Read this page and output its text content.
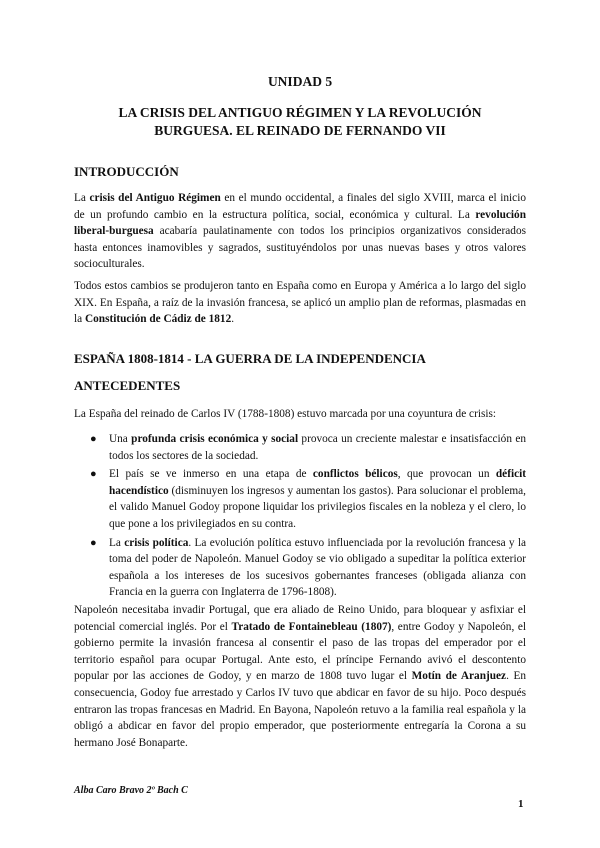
UNIDAD 5
LA CRISIS DEL ANTIGUO RÉGIMEN Y LA REVOLUCIÓN
BURGUESA. EL REINADO DE FERNANDO VII
INTRODUCCIÓN

La crisis del Antiguo Régimen en el mundo occidental, a finales del siglo XVIII, marca el inicio de un profundo cambio en la estructura política, social, económica y cultural. La revolución liberal-burguesa acabaría paulatinamente con todos los principios organizativos considerados hasta entonces inamovibles y sagrados, sustituyéndolos por unas nuevas bases y otros valores socioculturales.

Todos estos cambios se produjeron tanto en España como en Europa y América a lo largo del siglo XIX. En España, a raíz de la invasión francesa, se aplicó un amplio plan de reformas, plasmadas en la Constitución de Cádiz de 1812.

ESPAÑA 1808-1814 - LA GUERRA DE LA INDEPENDENCIA
ANTECEDENTES

La España del reinado de Carlos IV (1788-1808) estuvo marcada por una coyuntura de crisis:

● Una profunda crisis económica y social provoca un creciente malestar e insatisfacción en todos los sectores de la sociedad.
● El país se ve inmerso en una etapa de conflictos bélicos, que provocan un déficit hacendístico (disminuyen los ingresos y aumentan los gastos). Para solucionar el problema, el valido Manuel Godoy propone liquidar los privilegios fiscales en la nobleza y el clero, lo que pone a los privilegiados en su contra.
● La crisis política. La evolución política estuvo influenciada por la revolución francesa y la toma del poder de Napoleón. Manuel Godoy se vio obligado a supeditar la política exterior española a los intereses de los sucesivos gobernantes franceses (obligada alianza con Francia en la guerra con Inglaterra de 1796-1808).

Napoleón necesitaba invadir Portugal, que era aliado de Reino Unido, para bloquear y asfixiar el potencial comercial inglés. Por el Tratado de Fontainebleau (1807), entre Godoy y Napoleón, el gobierno permite la invasión francesa al consentir el paso de las tropas del emperador por el territorio español para ocupar Portugal. Ante esto, el príncipe Fernando avivó el descontento popular por las acciones de Godoy, y en marzo de 1808 tuvo lugar el Motín de Aranjuez. En consecuencia, Godoy fue arrestado y Carlos IV tuvo que abdicar en favor de su hijo. Poco después entraron las tropas francesas en Madrid. En Bayona, Napoleón retuvo a la familia real española y la obligó a abdicar en favor del propio emperador, que posteriormente entregaría la Corona a su hermano José Bonaparte.

Alba Caro Bravo 2º Bach C
1
